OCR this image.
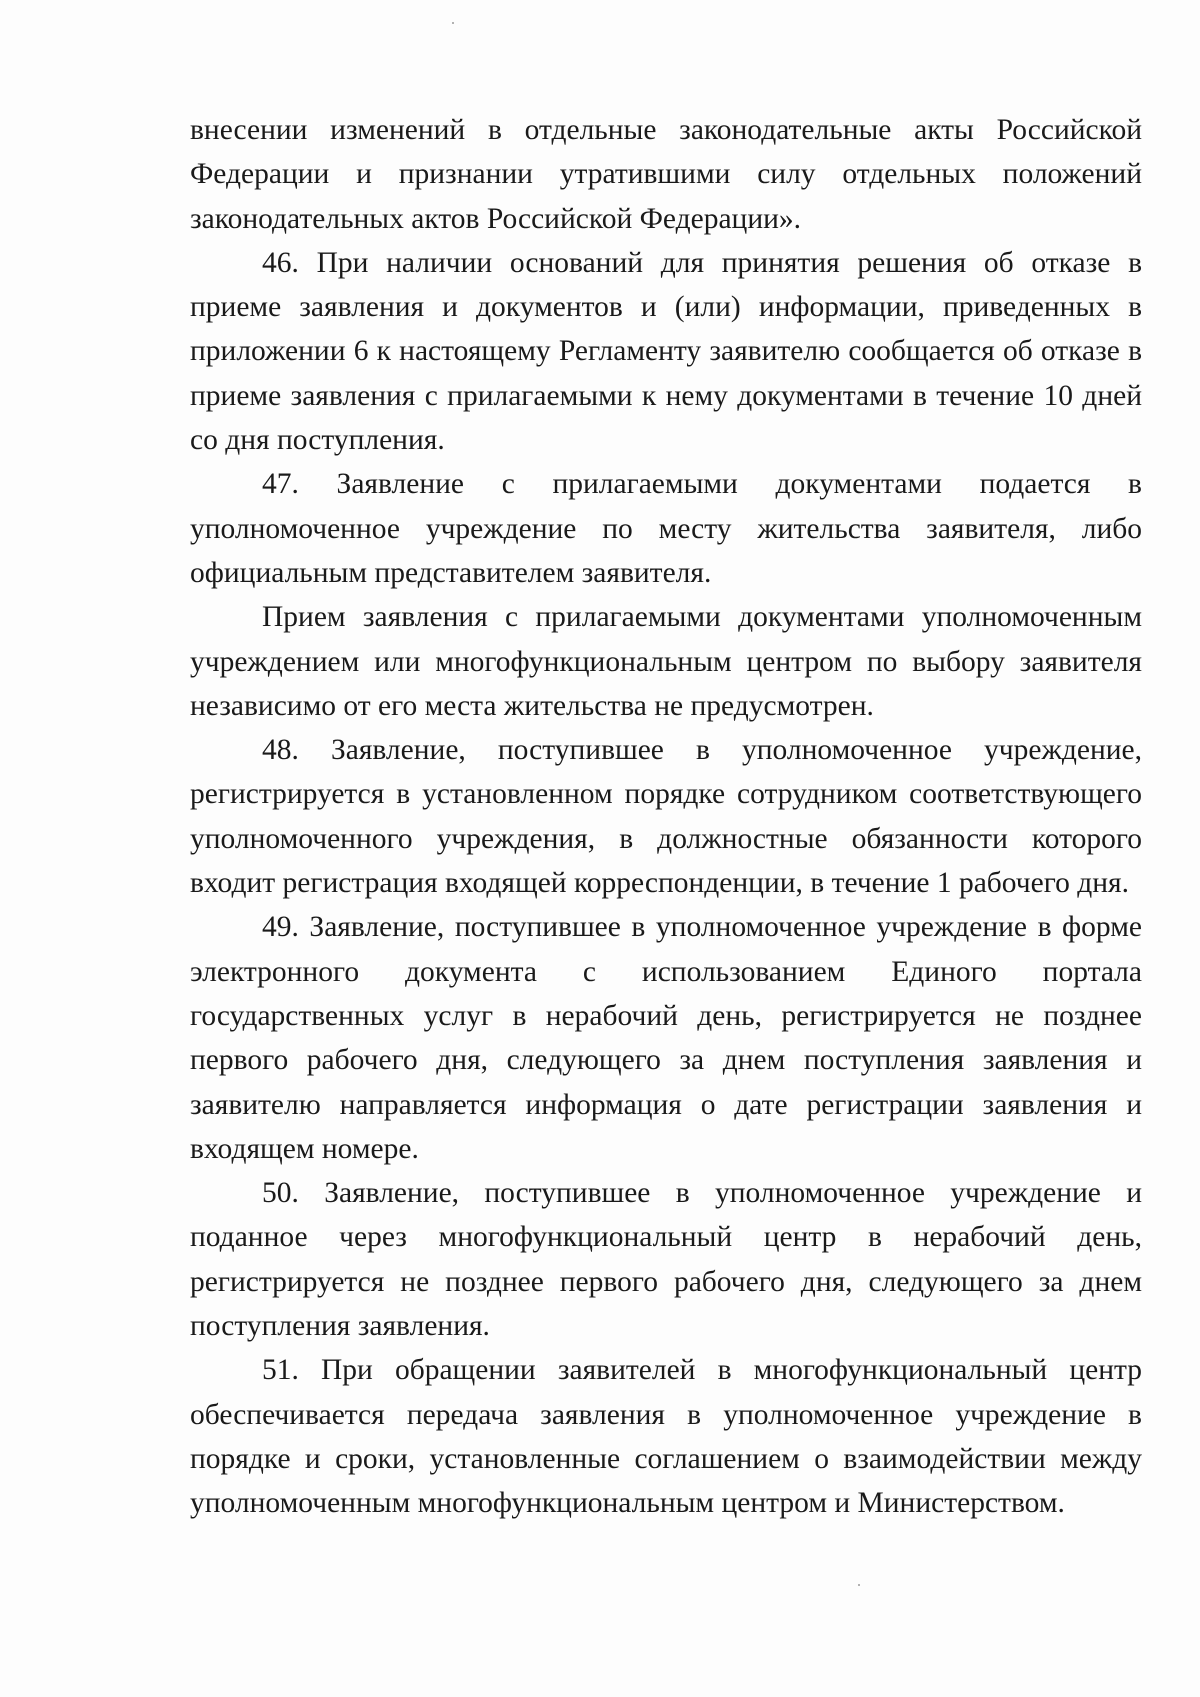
внесении изменений в отдельные законодательные акты Российской Федерации и признании утратившими силу отдельных положений законодательных актов Российской Федерации».

46. При наличии оснований для принятия решения об отказе в приеме заявления и документов и (или) информации, приведенных в приложении 6 к настоящему Регламенту заявителю сообщается об отказе в приеме заявления с прилагаемыми к нему документами в течение 10 дней со дня поступления.

47. Заявление с прилагаемыми документами подается в уполномоченное учреждение по месту жительства заявителя, либо официальным представителем заявителя.

Прием заявления с прилагаемыми документами уполномоченным учреждением или многофункциональным центром по выбору заявителя независимо от его места жительства не предусмотрен.

48. Заявление, поступившее в уполномоченное учреждение, регистрируется в установленном порядке сотрудником соответствующего уполномоченного учреждения, в должностные обязанности которого входит регистрация входящей корреспонденции, в течение 1 рабочего дня.

49. Заявление, поступившее в уполномоченное учреждение в форме электронного документа с использованием Единого портала государственных услуг в нерабочий день, регистрируется не позднее первого рабочего дня, следующего за днем поступления заявления и заявителю направляется информация о дате регистрации заявления и входящем номере.

50. Заявление, поступившее в уполномоченное учреждение и поданное через многофункциональный центр в нерабочий день, регистрируется не позднее первого рабочего дня, следующего за днем поступления заявления.

51. При обращении заявителей в многофункциональный центр обеспечивается передача заявления в уполномоченное учреждение в порядке и сроки, установленные соглашением о взаимодействии между уполномоченным многофункциональным центром и Министерством.
